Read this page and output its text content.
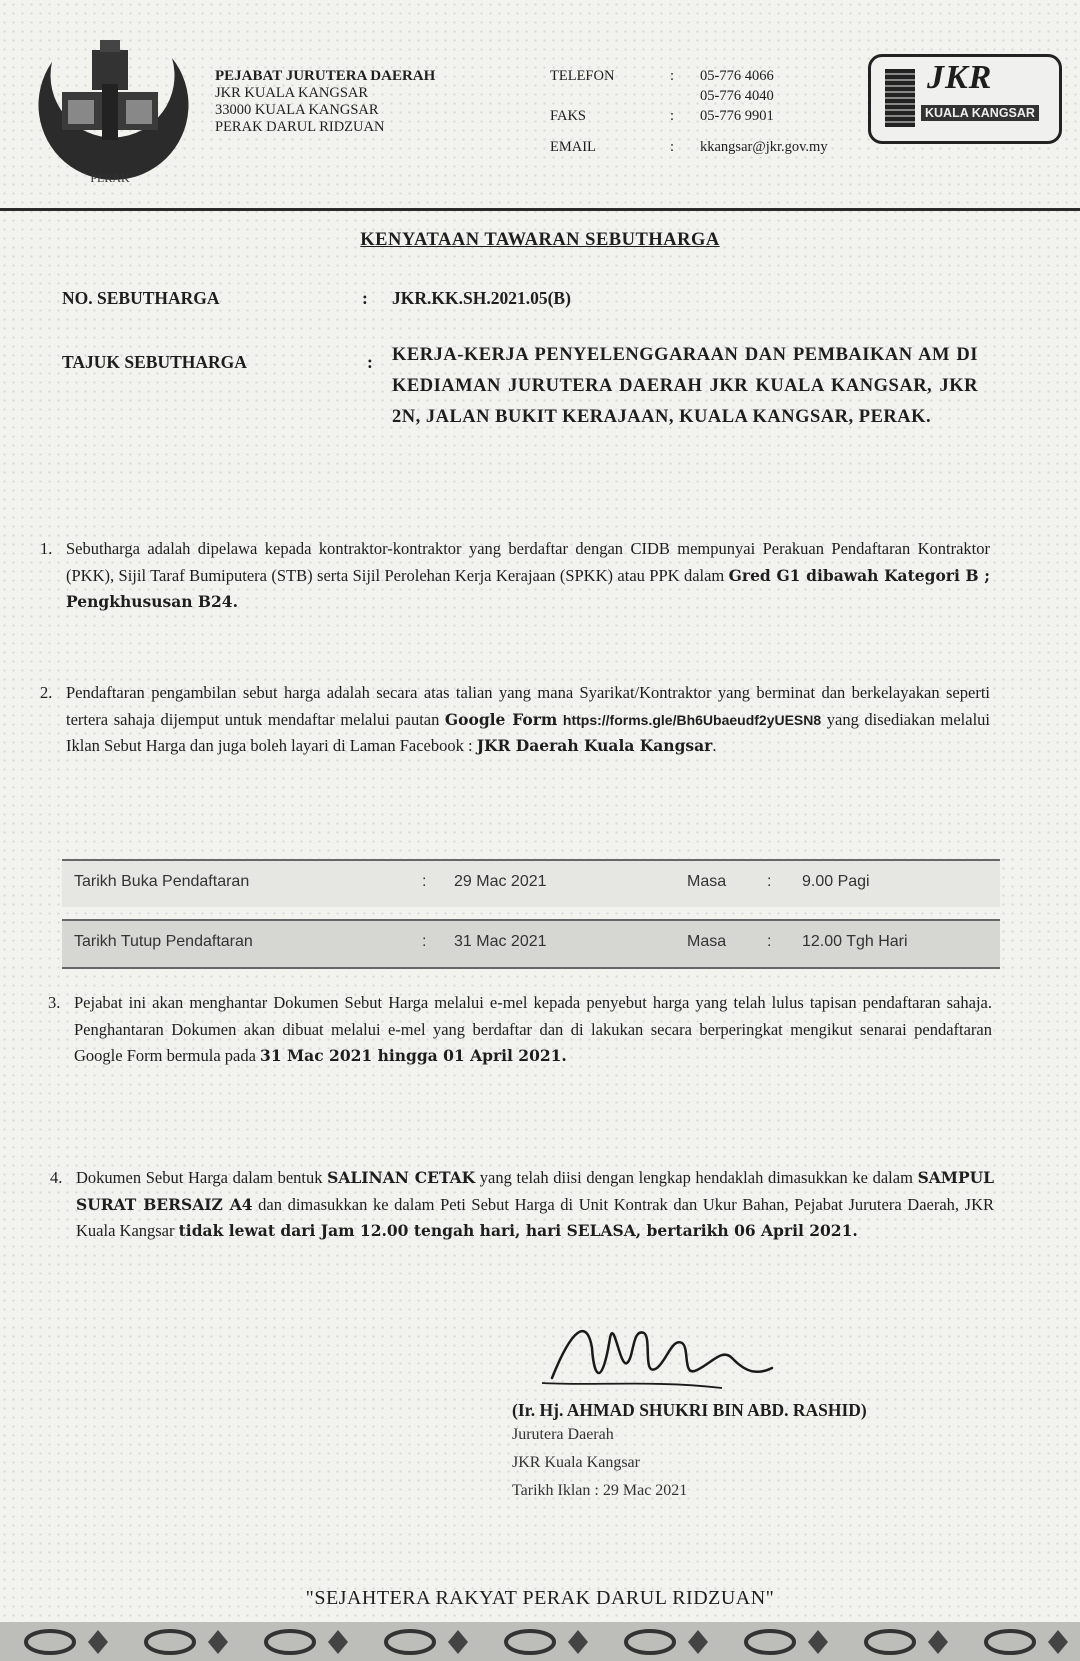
PERAK
PEJABAT JURUTERA DAERAH
JKR KUALA KANGSAR
33000 KUALA KANGSAR
PERAK DARUL RIDZUAN
TELEFON	:	05-776 4066
05-776 4040
FAKS	:	05-776 9901
EMAIL	:	kkangsar@jkr.gov.my
JKR
KUALA KANGSAR
KENYATAAN TAWARAN SEBUTHARGA
NO. SEBUTHARGA	: JKR.KK.SH.2021.05(B)
TAJUK SEBUTHARGA	: KERJA-KERJA PENYELENGGARAAN DAN PEMBAIKAN AM DI KEDIAMAN JURUTERA DAERAH JKR KUALA KANGSAR, JKR 2N, JALAN BUKIT KERAJAAN, KUALA KANGSAR, PERAK.
1. Sebutharga adalah dipelawa kepada kontraktor-kontraktor yang berdaftar dengan CIDB mempunyai Perakuan Pendaftaran Kontraktor (PKK), Sijil Taraf Bumiputera (STB) serta Sijil Perolehan Kerja Kerajaan (SPKK) atau PPK dalam Gred G1 dibawah Kategori B ; Pengkhususan B24.
2. Pendaftaran pengambilan sebut harga adalah secara atas talian yang mana Syarikat/Kontraktor yang berminat dan berkelayakan seperti tertera sahaja dijemput untuk mendaftar melalui pautan Google Form https://forms.gle/Bh6Ubaeudf2yUESN8 yang disediakan melalui Iklan Sebut Harga dan juga boleh layari di Laman Facebook : JKR Daerah Kuala Kangsar.
Tarikh Buka Pendaftaran	: 29 Mac 2021	Masa	: 9.00 Pagi
Tarikh Tutup Pendaftaran	: 31 Mac 2021	Masa	: 12.00 Tgh Hari
3. Pejabat ini akan menghantar Dokumen Sebut Harga melalui e-mel kepada penyebut harga yang telah lulus tapisan pendaftaran sahaja. Penghantaran Dokumen akan dibuat melalui e-mel yang berdaftar dan di lakukan secara berperingkat mengikut senarai pendaftaran Google Form bermula pada 31 Mac 2021 hingga 01 April 2021.
4. Dokumen Sebut Harga dalam bentuk SALINAN CETAK yang telah diisi dengan lengkap hendaklah dimasukkan ke dalam SAMPUL SURAT BERSAIZ A4 dan dimasukkan ke dalam Peti Sebut Harga di Unit Kontrak dan Ukur Bahan, Pejabat Jurutera Daerah, JKR Kuala Kangsar tidak lewat dari Jam 12.00 tengah hari, hari SELASA, bertarikh 06 April 2021.
(Ir. Hj. AHMAD SHUKRI BIN ABD. RASHID)
Jurutera Daerah
JKR Kuala Kangsar
Tarikh Iklan : 29 Mac 2021
"SEJAHTERA RAKYAT PERAK DARUL RIDZUAN"
